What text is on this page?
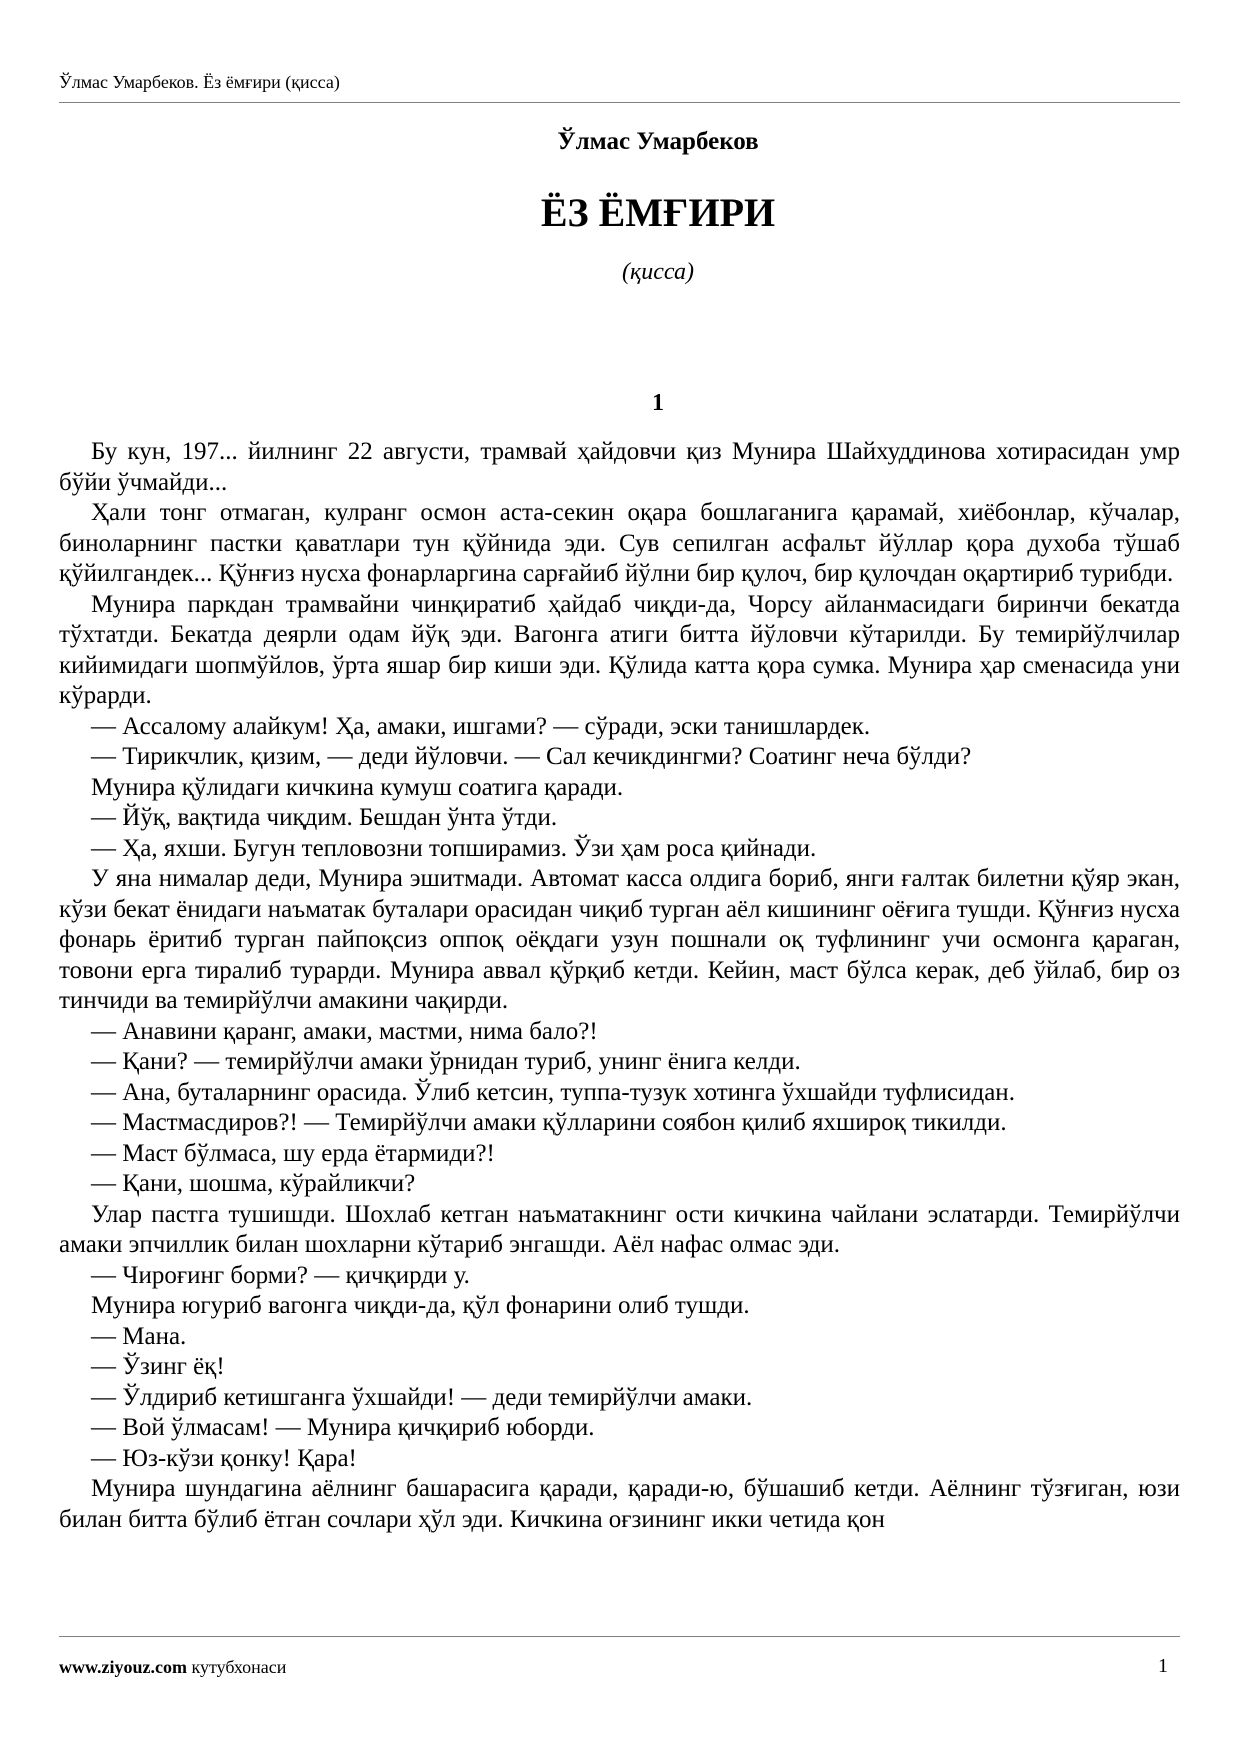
Ўлмас Умарбеков. Ёз ёмғири (қисса)

Ўлмас Умарбеков

ЁЗ ЁМҒИРИ

(қисса)

1

Бу кун, 197... йилнинг 22 августи, трамвай ҳайдовчи қиз Мунира Шайхуддинова хотирасидан умр бўйи ўчмайди...

Ҳали тонг отмаган, кулранг осмон аста-секин оқара бошлаганига қарамай, хиёбонлар, кўчалар, биноларнинг пастки қаватлари тун қўйнида эди. Сув сепилган асфальт йўллар қора духоба тўшаб қўйилгандек... Қўнғиз нусха фонарларгина сарғайиб йўлни бир қулоч, бир қулочдан оқартириб турибди.

Мунира паркдан трамвайни чинқиратиб ҳайдаб чиқди-да, Чорсу айланмасидаги биринчи бекатда тўхтатди. Бекатда деярли одам йўқ эди. Вагонга атиги битта йўловчи кўтарилди. Бу темирйўлчилар кийимидаги шопмўйлов, ўрта яшар бир киши эди. Қўлида катта қора сумка. Мунира ҳар сменасида уни кўрарди.

— Ассалому алайкум! Ҳа, амаки, ишгами? — сўради, эски танишлардек.

— Тирикчлик, қизим, — деди йўловчи. — Сал кечикдингми? Соатинг неча бўлди?

Мунира қўлидаги кичкина кумуш соатига қаради.

— Йўқ, вақтида чиқдим. Бешдан ўнта ўтди.

— Ҳа, яхши. Бугун тепловозни топширамиз. Ўзи ҳам роса қийнади.

У яна нималар деди, Мунира эшитмади. Автомат касса олдига бориб, янги ғалтак билетни қўяр экан, кўзи бекат ёнидаги наъматак буталари орасидан чиқиб турган аёл кишининг оёғига тушди. Қўнғиз нусха фонарь ёритиб турган пайпоқсиз оппоқ оёқдаги узун пошнали оқ туфлининг учи осмонга қараган, товони ерга тиралиб турарди. Мунира аввал қўрқиб кетди. Кейин, маст бўлса керак, деб ўйлаб, бир оз тинчиди ва темирйўлчи амакини чақирди.

— Анавини қаранг, амаки, мастми, нима бало?!

— Қани? — темирйўлчи амаки ўрнидан туриб, унинг ёнига келди.

— Ана, буталарнинг орасида. Ўлиб кетсин, туппа-тузук хотинга ўхшайди туфлисидан.

— Мастмасдиров?! — Темирйўлчи амаки қўлларини соябон қилиб яхшироқ тикилди.

— Маст бўлмаса, шу ерда ётармиди?!

— Қани, шошма, кўрайликчи?

Улар пастга тушишди. Шохлаб кетган наъматакнинг ости кичкина чайлани эслатарди. Темирйўлчи амаки эпчиллик билан шохларни кўтариб энгашди. Аёл нафас олмас эди.

— Чироғинг борми? — қичқирди у.

Мунира югуриб вагонга чиқди-да, қўл фонарини олиб тушди.

— Мана.

— Ўзинг ёқ!

— Ўлдириб кетишганга ўхшайди! — деди темирйўлчи амаки.

— Вой ўлмасам! — Мунира қичқириб юборди.

— Юз-кўзи қонку! Қара!

Мунира шундагина аёлнинг башарасига қаради, қаради-ю, бўшашиб кетди. Аёлнинг тўзғиган, юзи билан битта бўлиб ётган сочлари ҳўл эди. Кичкина оғзининг икки четида қон

www.ziyouz.com кутубхонаси	1
